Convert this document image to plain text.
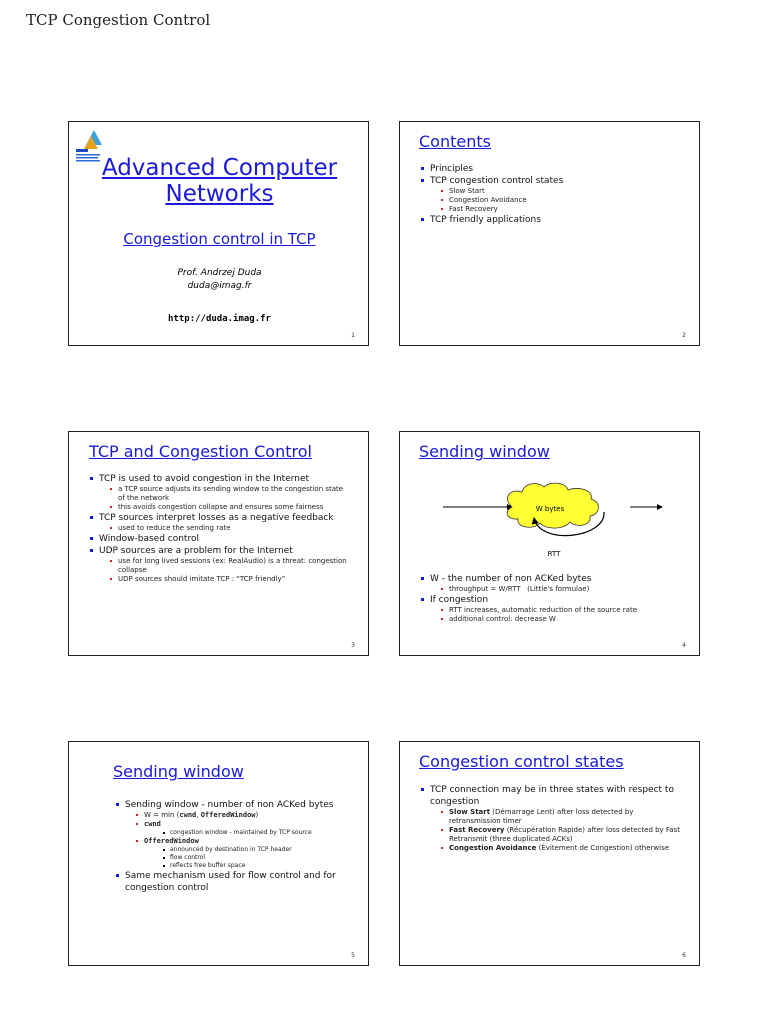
TCP Congestion Control
Advanced Computer
Networks
Congestion control in TCP
Prof. Andrzej Duda
duda@imag.fr
http://duda.imag.fr
1
Contents
Principles
TCP congestion control states
Slow Start
Congestion Avoidance
Fast Recovery
TCP friendly applications
2
TCP and Congestion Control
TCP is used to avoid congestion in the Internet
a TCP source adjusts its sending window to the congestion state of the network
this avoids congestion collapse and ensures some fairness
TCP sources interpret losses as a negative feedback
used to reduce the sending rate
Window-based control
UDP sources are a problem for the Internet
use for long lived sessions (ex: RealAudio) is a threat: congestion collapse
UDP sources should imitate TCP : “TCP friendly”
3
Sending window
W bytes
RTT
W - the number of non ACKed bytes
throughput = W/RTT   (Little's formulae)
If congestion
RTT increases, automatic reduction of the source rate
additional control: decrease W
4
Sending window
Sending window - number of non ACKed bytes
W = min (cwnd, OfferedWindow)
cwnd
congestion window - maintained by TCP source
OfferedWindow
announced by destination in TCP header
flow control
reflects free buffer space
Same mechanism used for flow control and for congestion control
5
Congestion control states
TCP connection may be in three states with respect to congestion
Slow Start (Démarrage Lent) after loss detected by retransmission timer
Fast Recovery (Récupération Rapide) after loss detected by Fast Retransmit (three duplicated ACKs)
Congestion Avoidance (Évitement de Congestion) otherwise
6
